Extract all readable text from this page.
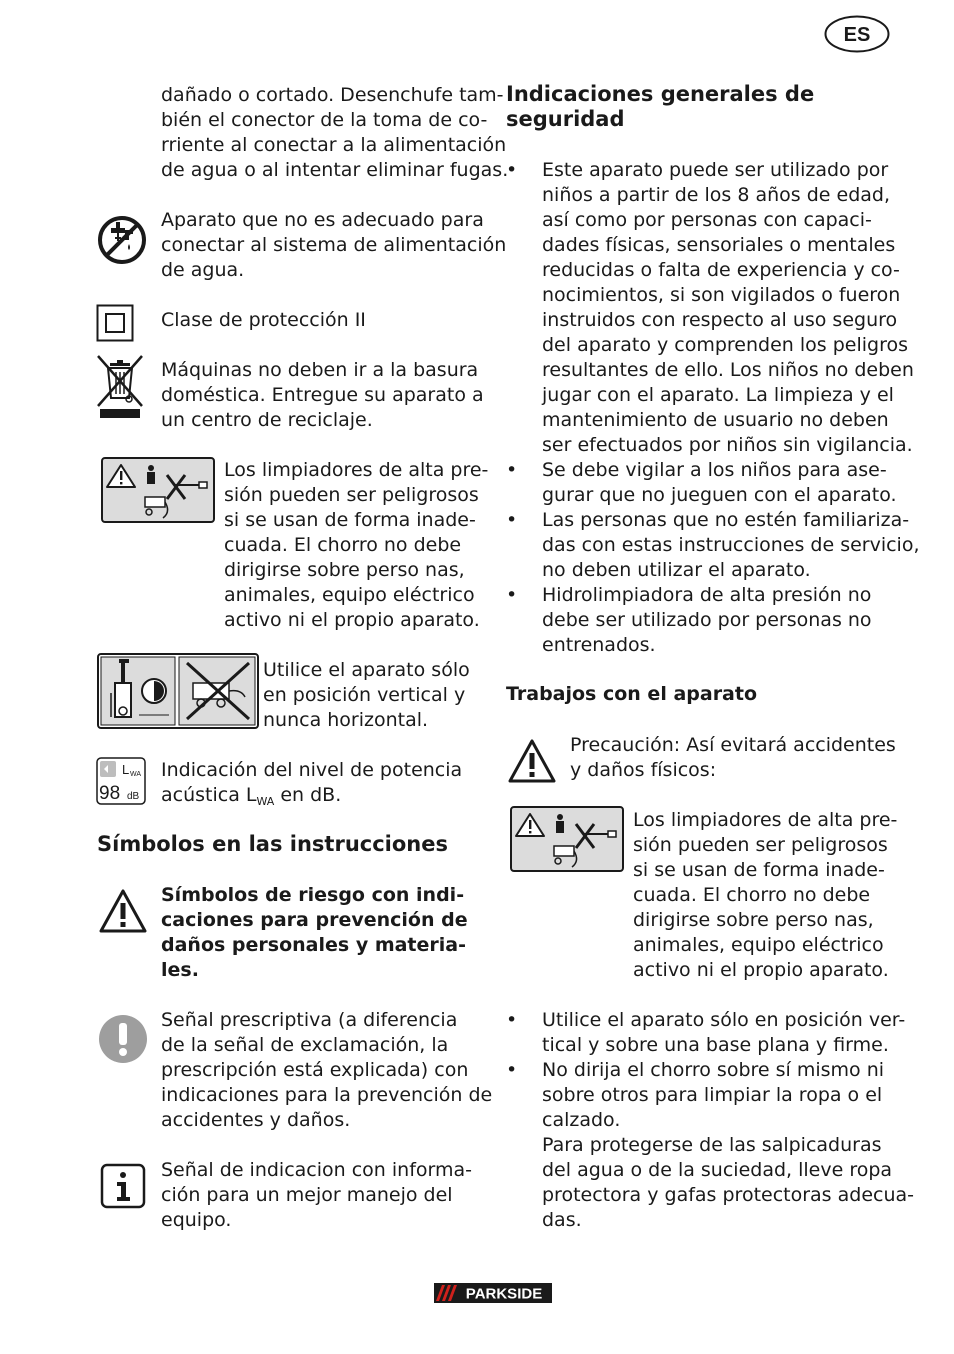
ES
dañado o cortado. Desenchufe tam-
bién el conector de la toma de co-
rriente al conectar a la alimentación
de agua o al intentar eliminar fugas.
Aparato que no es adecuado para
conectar al sistema de alimentación
de agua.
Clase de protección II
Máquinas no deben ir a la basura
doméstica. Entregue su aparato a
un centro de reciclaje.
Los limpiadores de alta pre-
sión pueden ser peligrosos
si se usan de forma inade-
cuada. El chorro no debe
dirigirse sobre perso nas,
animales, equipo eléctrico
activo ni el propio aparato.
Utilice el aparato sólo
en posición vertical y
nunca horizontal.
L WA
98 dB
Indicación del nivel de potencia
acústica $L_{WA}$ en dB.
Símbolos en las instrucciones
Símbolos de riesgo con indi-
caciones para prevención de
daños personales y materia-
les.
Señal prescriptiva (a diferencia
de la señal de exclamación, la
prescripción está explicada) con
indicaciones para la prevención de
accidentes y daños.
Señal de indicacion con informa-
ción para un mejor manejo del
equipo.
Indicaciones generales de
seguridad
• Este aparato puede ser utilizado por
niños a partir de los 8 años de edad,
así como por personas con capaci-
dades físicas, sensoriales o mentales
reducidas o falta de experiencia y co-
nocimientos, si son vigilados o fueron
instruidos con respecto al uso seguro
del aparato y comprenden los peligros
resultantes de ello. Los niños no deben
jugar con el aparato. La limpieza y el
mantenimiento de usuario no deben
ser efectuados por niños sin vigilancia.
• Se debe vigilar a los niños para ase-
gurar que no jueguen con el aparato.
• Las personas que no estén familiariza-
das con estas instrucciones de servicio,
no deben utilizar el aparato.
• Hidrolimpiadora de alta presión no
debe ser utilizado por personas no
entrenados.
Trabajos con el aparato
Precaución: Así evitará accidentes
y daños físicos:
Los limpiadores de alta pre-
sión pueden ser peligrosos
si se usan de forma inade-
cuada. El chorro no debe
dirigirse sobre perso nas,
animales, equipo eléctrico
activo ni el propio aparato.
• Utilice el aparato sólo en posición ver-
tical y sobre una base plana y firme.
• No dirija el chorro sobre sí mismo ni
sobre otros para limpiar la ropa o el
calzado.
Para protegerse de las salpicaduras
del agua o de la suciedad, lleve ropa
protectora y gafas protectoras adecua-
das.
PARKSIDE
